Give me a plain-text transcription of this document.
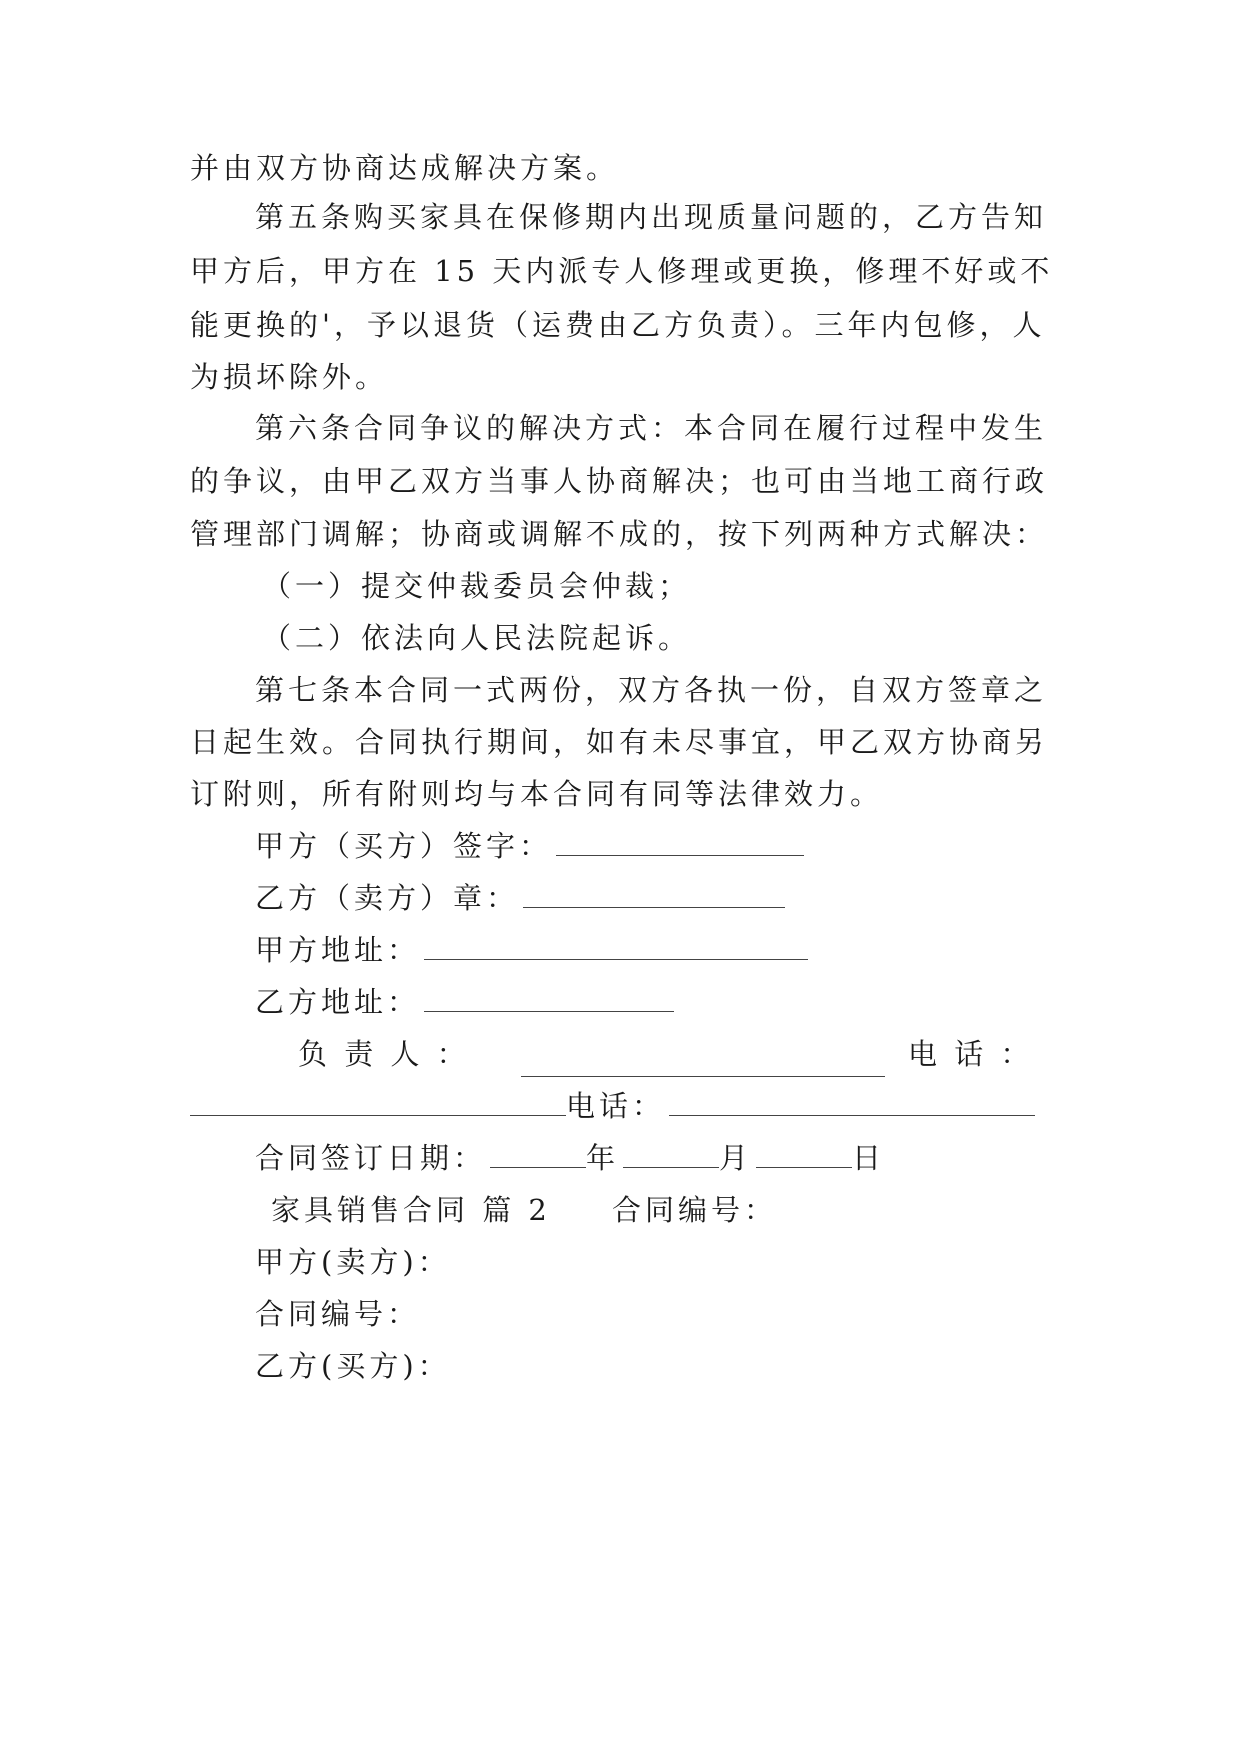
并由双方协商达成解决方案。
第五条购买家具在保修期内出现质量问题的，乙方告知
甲方后，甲方在 15 天内派专人修理或更换，修理不好或不
能更换的'，予以退货（运费由乙方负责）。三年内包修，人
为损坏除外。
第六条合同争议的解决方式：本合同在履行过程中发生
的争议，由甲乙双方当事人协商解决；也可由当地工商行政
管理部门调解；协商或调解不成的，按下列两种方式解决：
（一）提交仲裁委员会仲裁；
（二）依法向人民法院起诉。
第七条本合同一式两份，双方各执一份，自双方签章之
日起生效。合同执行期间，如有未尽事宜，甲乙双方协商另
订附则，所有附则均与本合同有同等法律效力。
甲方（买方）签字：
乙方（卖方）章：
甲方地址：
乙方地址：
负 责 人 ：	电 话 ：
电话：
合同签订日期：	年	月	日
家具销售合同 篇 2	合同编号：
甲方(卖方)：
合同编号：
乙方(买方)：
